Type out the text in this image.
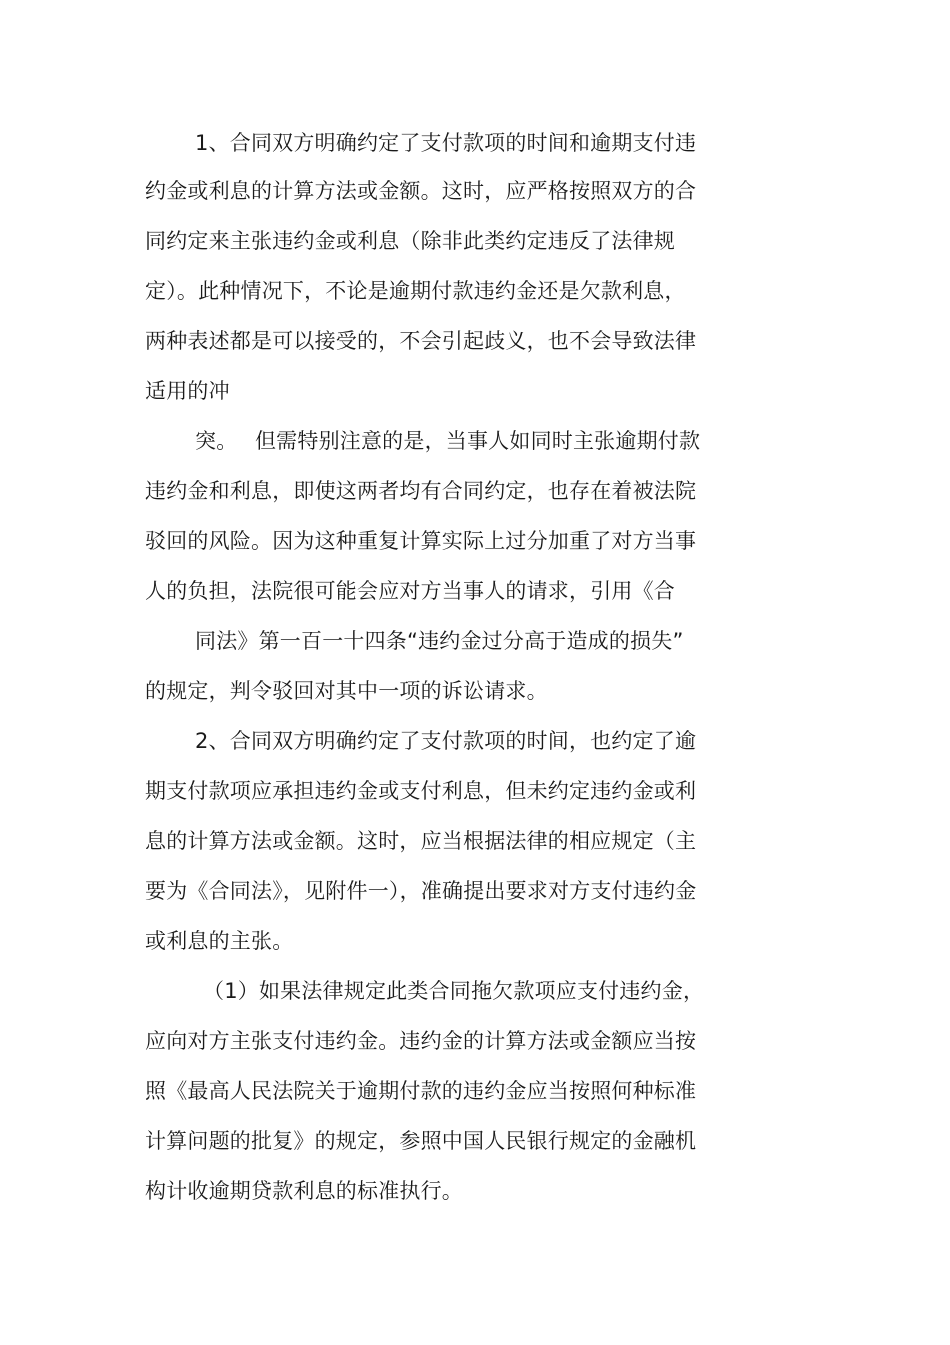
1、合同双方明确约定了支付款项的时间和逾期支付违
约金或利息的计算方法或金额。这时，应严格按照双方的合
同约定来主张违约金或利息（除非此类约定违反了法律规
定）。此种情况下，不论是逾期付款违约金还是欠款利息，
两种表述都是可以接受的，不会引起歧义，也不会导致法律
适用的冲
突。　 但需特别注意的是，当事人如同时主张逾期付款
违约金和利息，即使这两者均有合同约定，也存在着被法院
驳回的风险。因为这种重复计算实际上过分加重了对方当事
人的负担，法院很可能会应对方当事人的请求，引用《合
同法》第一百一十四条“违约金过分高于造成的损失”
的规定，判令驳回对其中一项的诉讼请求。
2、合同双方明确约定了支付款项的时间，也约定了逾
期支付款项应承担违约金或支付利息，但未约定违约金或利
息的计算方法或金额。这时，应当根据法律的相应规定（主
要为《合同法》，见附件一），准确提出要求对方支付违约金
或利息的主张。
（1）如果法律规定此类合同拖欠款项应支付违约金，
应向对方主张支付违约金。违约金的计算方法或金额应当按
照《最高人民法院关于逾期付款的违约金应当按照何种标准
计算问题的批复》的规定，参照中国人民银行规定的金融机
构计收逾期贷款利息的标准执行。
